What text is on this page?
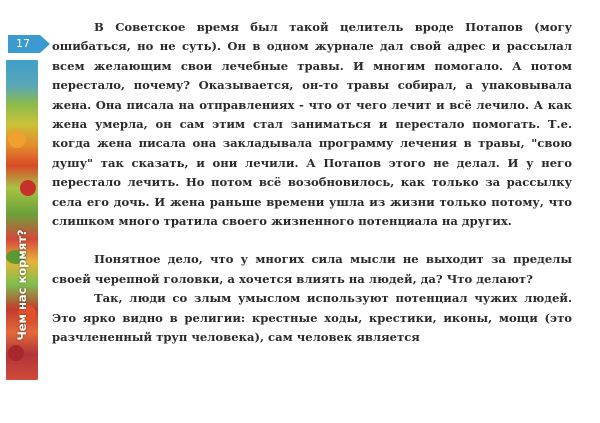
17
Чем нас кормят?

В Советское время был такой целитель вроде Потапов (могу ошибаться, но не суть). Он в одном журнале дал свой адрес и рассылал всем желающим свои лечебные травы. И многим помогало. А потом перестало, почему? Оказывается, он-то травы собирал, а упаковывала жена. Она писала на отправлениях - что от чего лечит и всё лечило. А как жена умерла, он сам этим стал заниматься и перестало помогать. Т.е. когда жена писала она закладывала программу лечения в травы, "свою душу" так сказать, и они лечили. А Потапов этого не делал. И у него перестало лечить. Но потом всё возобновилось, как только за рассылку села его дочь. И жена раньше времени ушла из жизни только потому, что слишком много тратила своего жизненного потенциала на других.

Понятное дело, что у многих сила мысли не выходит за пределы своей черепной головки, а хочется влиять на людей, да? Что делают?

Так, люди со злым умыслом используют потенциал чужих людей. Это ярко видно в религии: крестные ходы, крестики, иконы, мощи (это разчлененный труп человека), сам человек является
